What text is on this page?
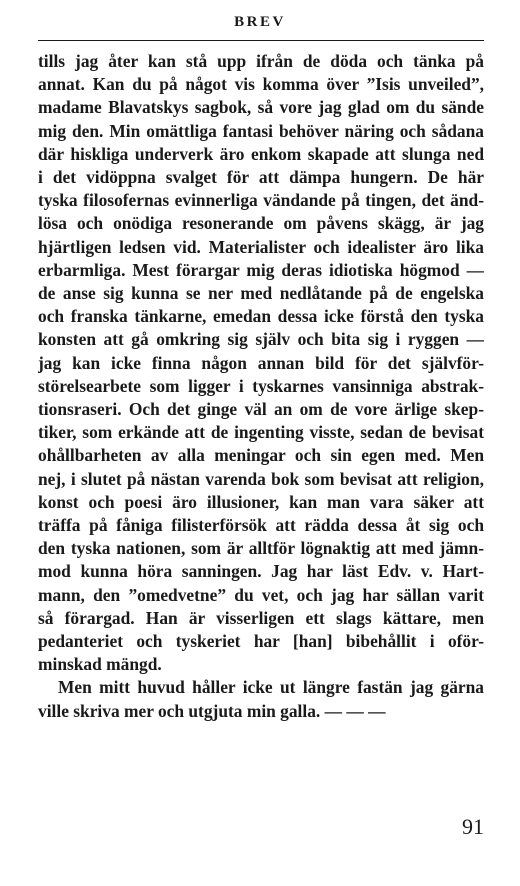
BREV
tills jag åter kan stå upp ifrån de döda och tänka på
annat. Kan du på något vis komma över ”Isis unveiled”,
madame Blavatskys sagbok, så vore jag glad om du sände
mig den. Min omättliga fantasi behöver näring och sådana
där hiskliga underverk äro enkom skapade att slunga ned
i det vidöppna svalget för att dämpa hungern. De här
tyska filosofernas evinnerliga vändande på tingen, det änd-
lösa och onödiga resonerande om påvens skägg, är jag
hjärtligen ledsen vid. Materialister och idealister äro lika
erbarmliga. Mest förargar mig deras idiotiska högmod —
de anse sig kunna se ner med nedlåtande på de engelska
och franska tänkarne, emedan dessa icke förstå den tyska
konsten att gå omkring sig själv och bita sig i ryggen —
jag kan icke finna någon annan bild för det självför-
störelsearbete som ligger i tyskarnes vansinniga abstrak-
tionsraseri. Och det ginge väl an om de vore ärlige skep-
tiker, som erkände att de ingenting visste, sedan de bevisat
ohållbarheten av alla meningar och sin egen med. Men
nej, i slutet på nästan varenda bok som bevisat att religion,
konst och poesi äro illusioner, kan man vara säker att
träffa på fåniga filisterförsök att rädda dessa åt sig och
den tyska nationen, som är alltför lögnaktig att med jämn-
mod kunna höra sanningen. Jag har läst Edv. v. Hart-
mann, den ”omedvetne” du vet, och jag har sällan varit
så förargad. Han är visserligen ett slags kättare, men
pedanteriet och tyskeriet har [han] bibehållit i oför-
minskad mängd.
Men mitt huvud håller icke ut längre fastän jag gärna
ville skriva mer och utgjuta min galla. — — —
91
